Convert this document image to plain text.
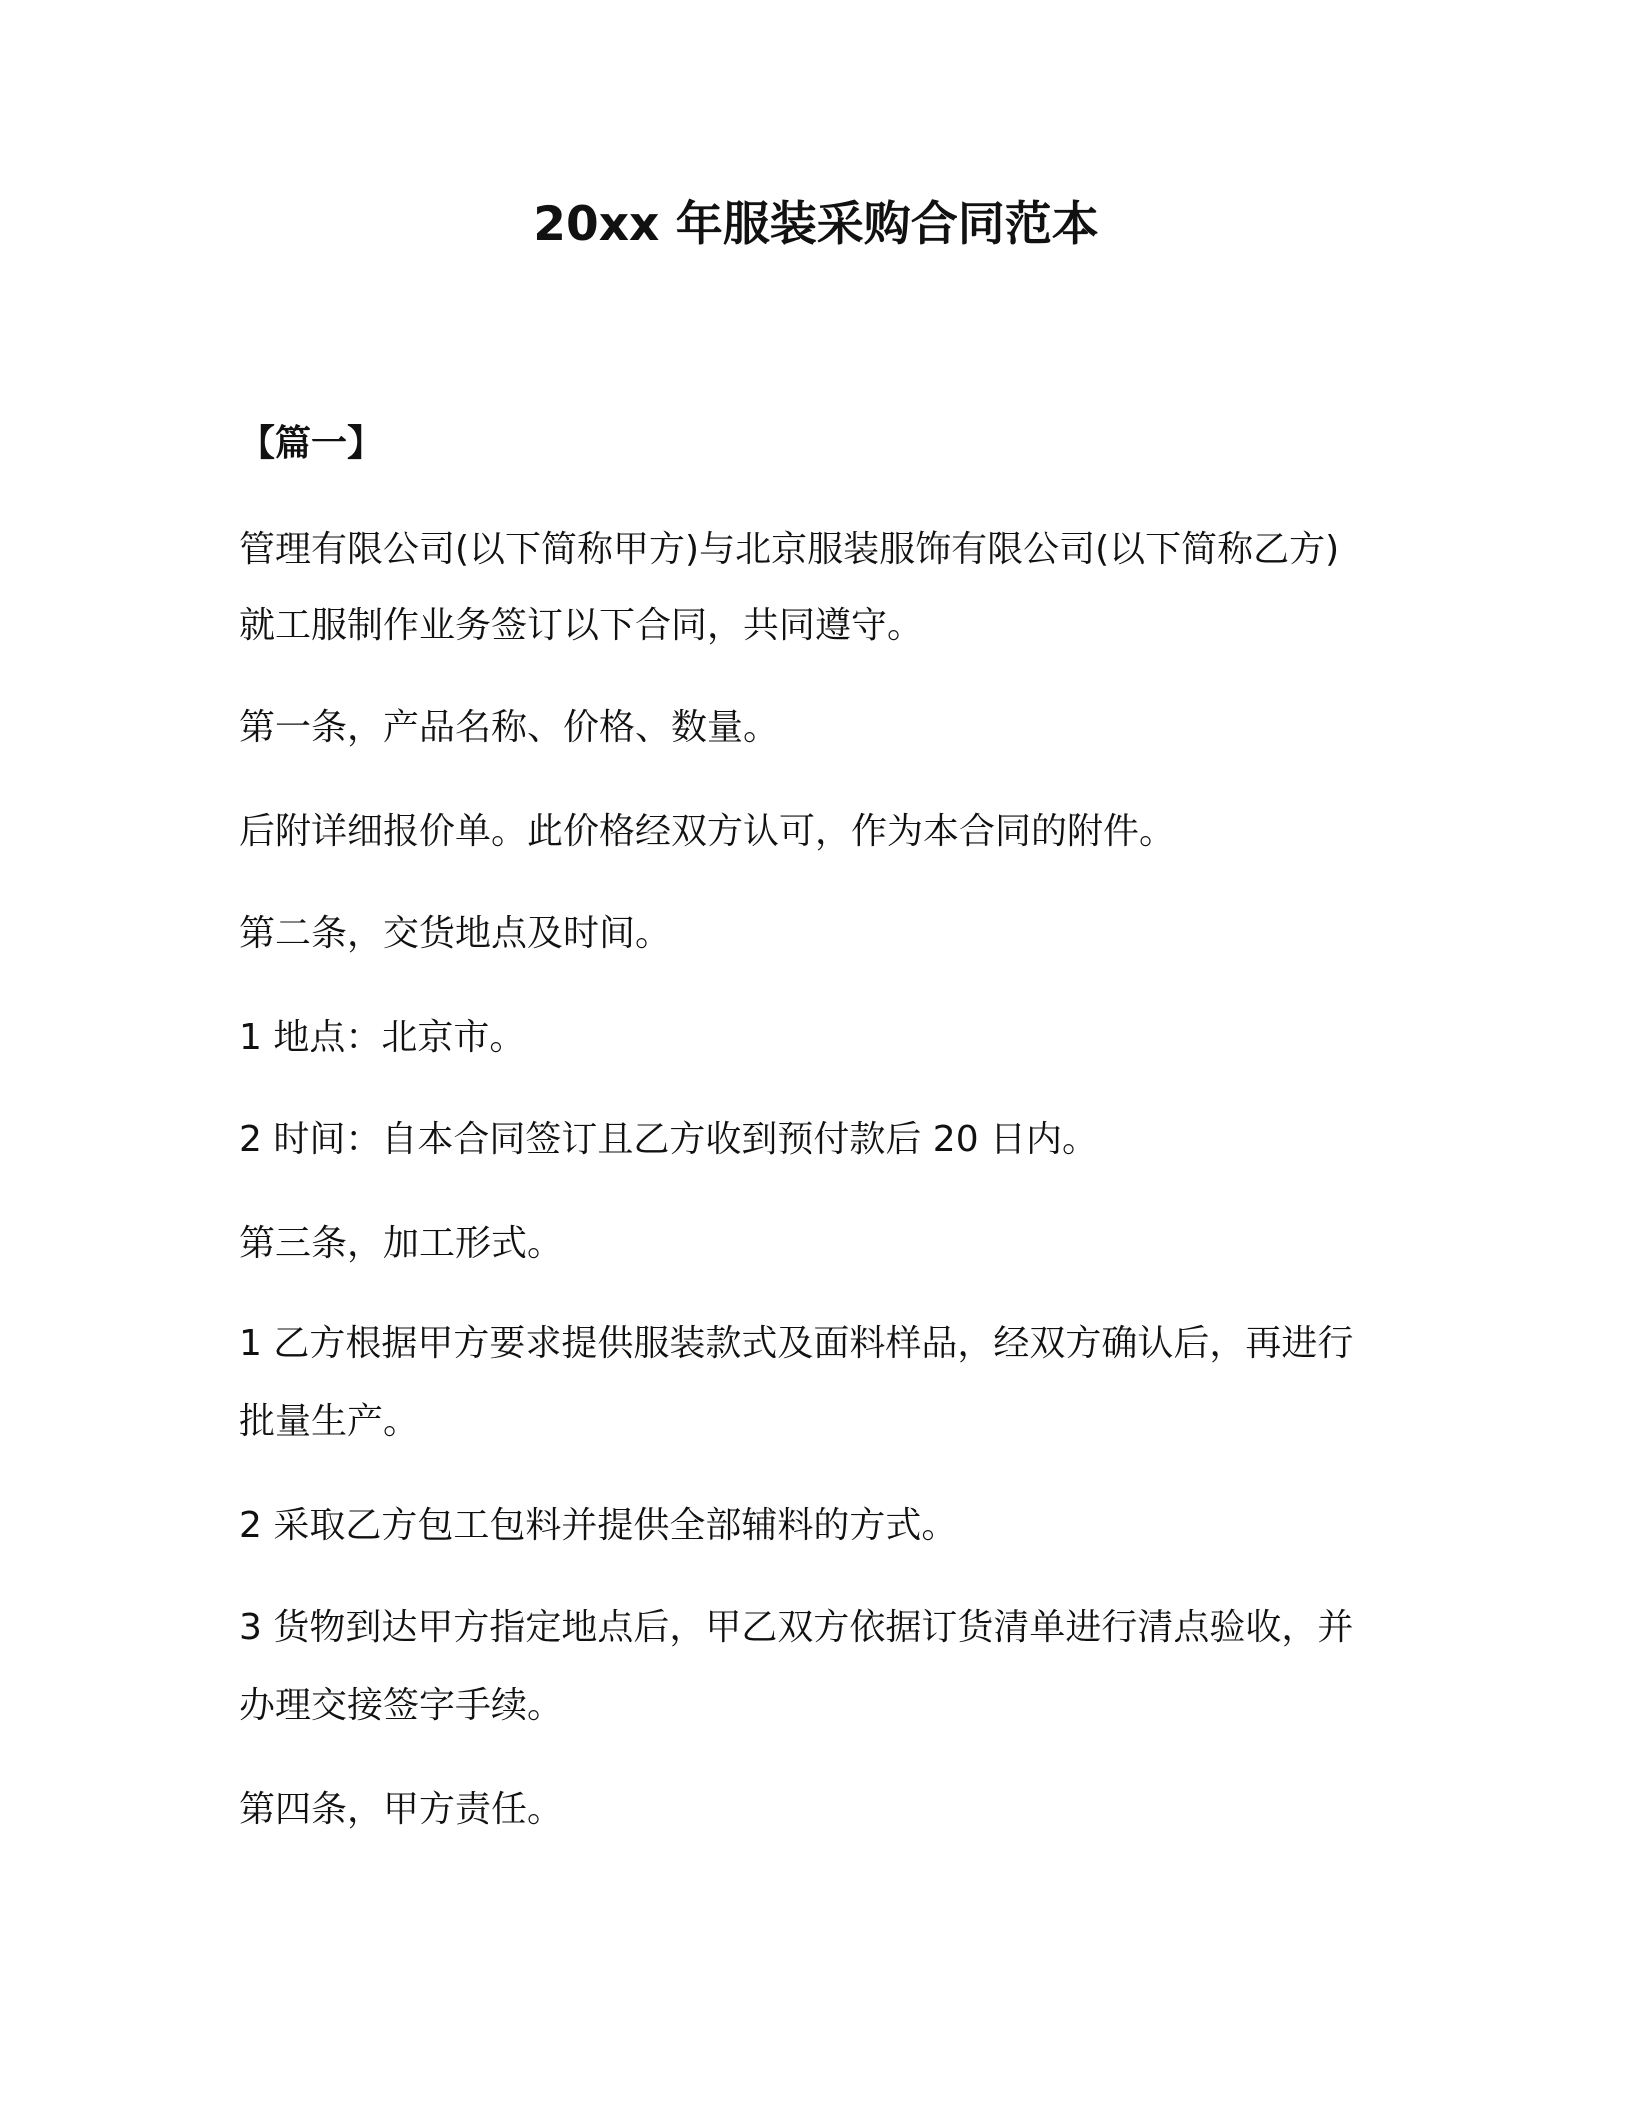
20xx 年服装采购合同范本
【篇一】
管理有限公司(以下简称甲方)与北京服装服饰有限公司(以下简称乙方)
就工服制作业务签订以下合同，共同遵守。
第一条，产品名称、价格、数量。
后附详细报价单。此价格经双方认可，作为本合同的附件。
第二条，交货地点及时间。
1 地点：北京市。
2 时间：自本合同签订且乙方收到预付款后 20 日内。
第三条，加工形式。
1 乙方根据甲方要求提供服装款式及面料样品，经双方确认后，再进行
批量生产。
2 采取乙方包工包料并提供全部辅料的方式。
3 货物到达甲方指定地点后，甲乙双方依据订货清单进行清点验收，并
办理交接签字手续。
第四条，甲方责任。
